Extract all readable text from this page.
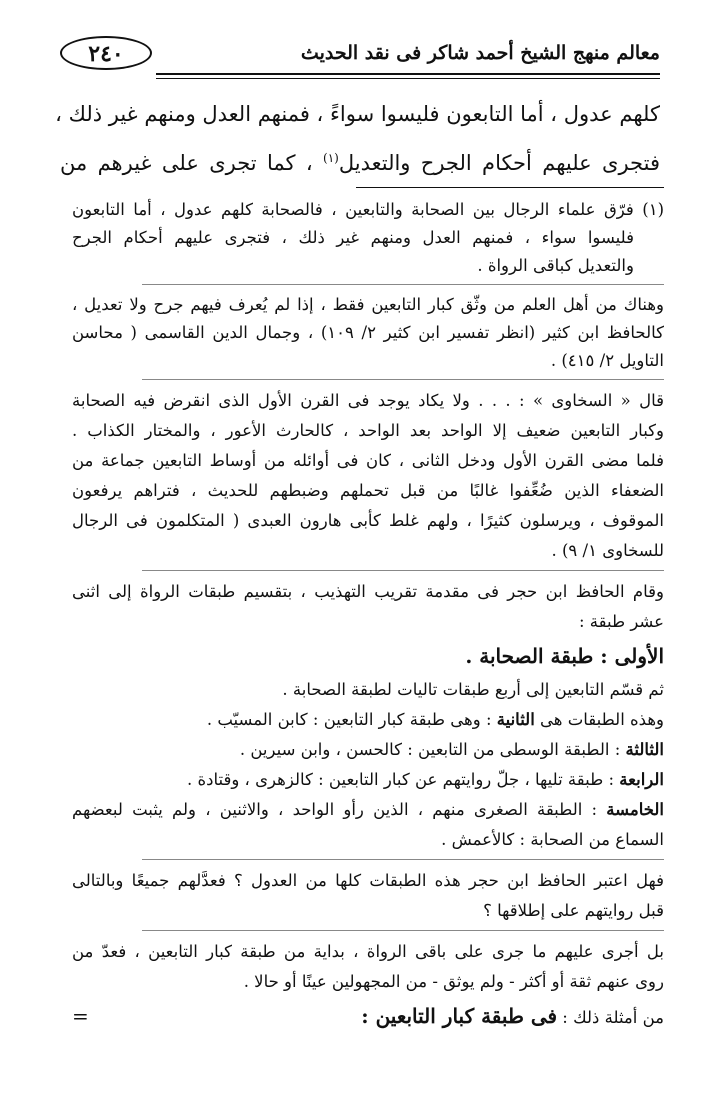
٢٤٠	معالم منهج الشيخ أحمد شاكر فى نقد الحديث
كلهم عدول ، أما التابعون فليسوا سواءً ، فمنهم العدل ومنهم غير ذلك ،
فتجرى عليهم أحكام الجرح والتعديل$^{(١)}$ ، كما تجرى على غيرهم من
(١) فرّق علماء الرجال بين الصحابة والتابعين ، فالصحابة كلهم عدول ، أما التابعون
فليسوا سواء ، فمنهم العدل ومنهم غير ذلك ، فتجرى عليهم أحكام الجرح
والتعديل كباقى الرواة .
وهناك من أهل العلم من وثّق كبار التابعين فقط ، إذا لم يُعرف فيهم جرح ولا تعديل ،
كالحافظ ابن كثير (انظر تفسير ابن كثير ٢/ ١٠٩) ، وجمال الدين القاسمى ( محاسن
التاويل ٢/ ٤١٥) .
قال « السخاوى » : . . . ولا يكاد يوجد فى القرن الأول الذى انقرض فيه الصحابة
وكبار التابعين ضعيف إلا الواحد بعد الواحد ، كالحارث الأعور ، والمختار الكذاب .
فلما مضى القرن الأول ودخل الثانى ، كان فى أوائله من أوساط التابعين جماعة من
الضعفاء الذين ضُعِّفوا غالبًا من قبل تحملهم وضبطهم للحديث ، فتراهم يرفعون
الموقوف ، ويرسلون كثيرًا ، ولهم غلط كأبى هارون العبدى ( المتكلمون فى الرجال
للسخاوى ١/ ٩) .
وقام الحافظ ابن حجر فى مقدمة تقريب التهذيب ، بتقسيم طبقات الرواة إلى اثنى
عشر طبقة :
الأولى : طبقة الصحابة .
ثم قسّم التابعين إلى أربع طبقات تاليات لطبقة الصحابة .
وهذه الطبقات هى الثانية : وهى طبقة كبار التابعين : كابن المسيّب .
الثالثة : الطبقة الوسطى من التابعين : كالحسن ، وابن سيرين .
الرابعة : طبقة تليها ، جلّ روايتهم عن كبار التابعين : كالزهرى ، وقتادة .
الخامسة : الطبقة الصغرى منهم ، الذين رأو الواحد ، والاثنين ، ولم يثبت لبعضهم
السماع من الصحابة : كالأعمش .
فهل اعتبر الحافظ ابن حجر هذه الطبقات كلها من العدول ؟ فعدَّلهم جميعًا وبالتالى
قبل روايتهم على إطلاقها ؟
بل أجرى عليهم ما جرى على باقى الرواة ، بداية من طبقة كبار التابعين ، فعدّ من
روى عنهم ثقة أو أكثر - ولم يوثق - من المجهولين عينًا أو حالا .
من أمثلة ذلك : فى طبقة كبار التابعين :
=
